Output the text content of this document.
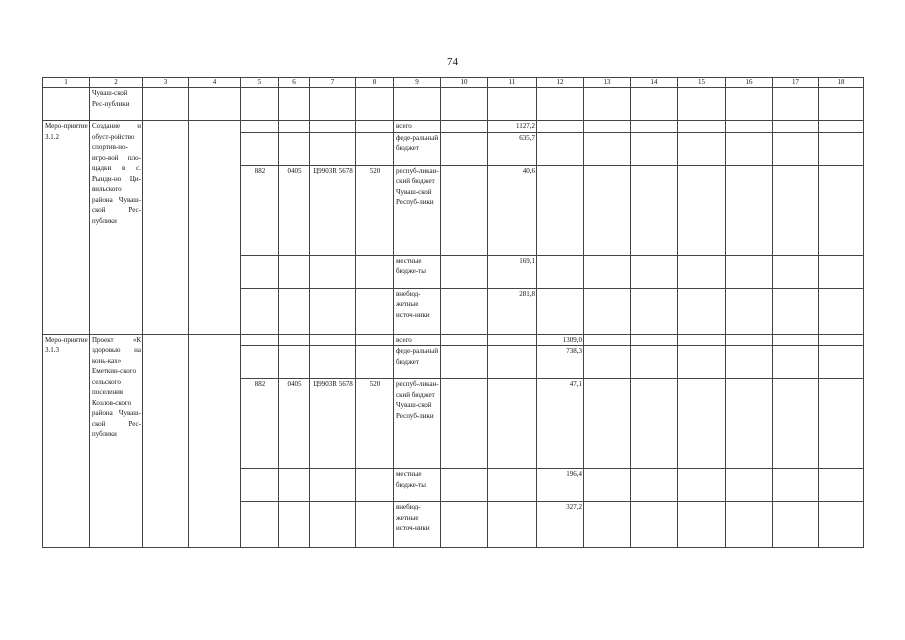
74
1	2	3	4	5	6	7	8	9	10	11	12	13	14	15	16	17	18
	Чуваш-ской Рес-публики																
Меро-приятие 3.1.2	Создание и обуст-ройство спортив-но-игро-вой пло-щадки в с. Рынди-но Ци-вильского района Чуваш-ской Рес-публики							всего		1127,2							
								феде-ральный бюджет		635,7							
				882	0405	Ц9903R 5678	520	респуб-ликан-ский бюджет Чуваш-ской Респуб-лики		40,6							
								местные бюдже-ты		169,1							
								внебюд-жетные источ-ники		281,8							
Меро-приятие 3.1.3	Проект «К здоровью на конь-ках» Еметкин-ского сельского поселения Козлов-ского района Чуваш-ской Рес-публики							всего			1309,0						
								феде-ральный бюджет			738,3						
				882	0405	Ц9903R 5678	520	респуб-ликан-ский бюджет Чуваш-ской Респуб-лики			47,1						
								местные бюдже-ты			196,4						
								внебюд-жетные источ-ники			327,2						
